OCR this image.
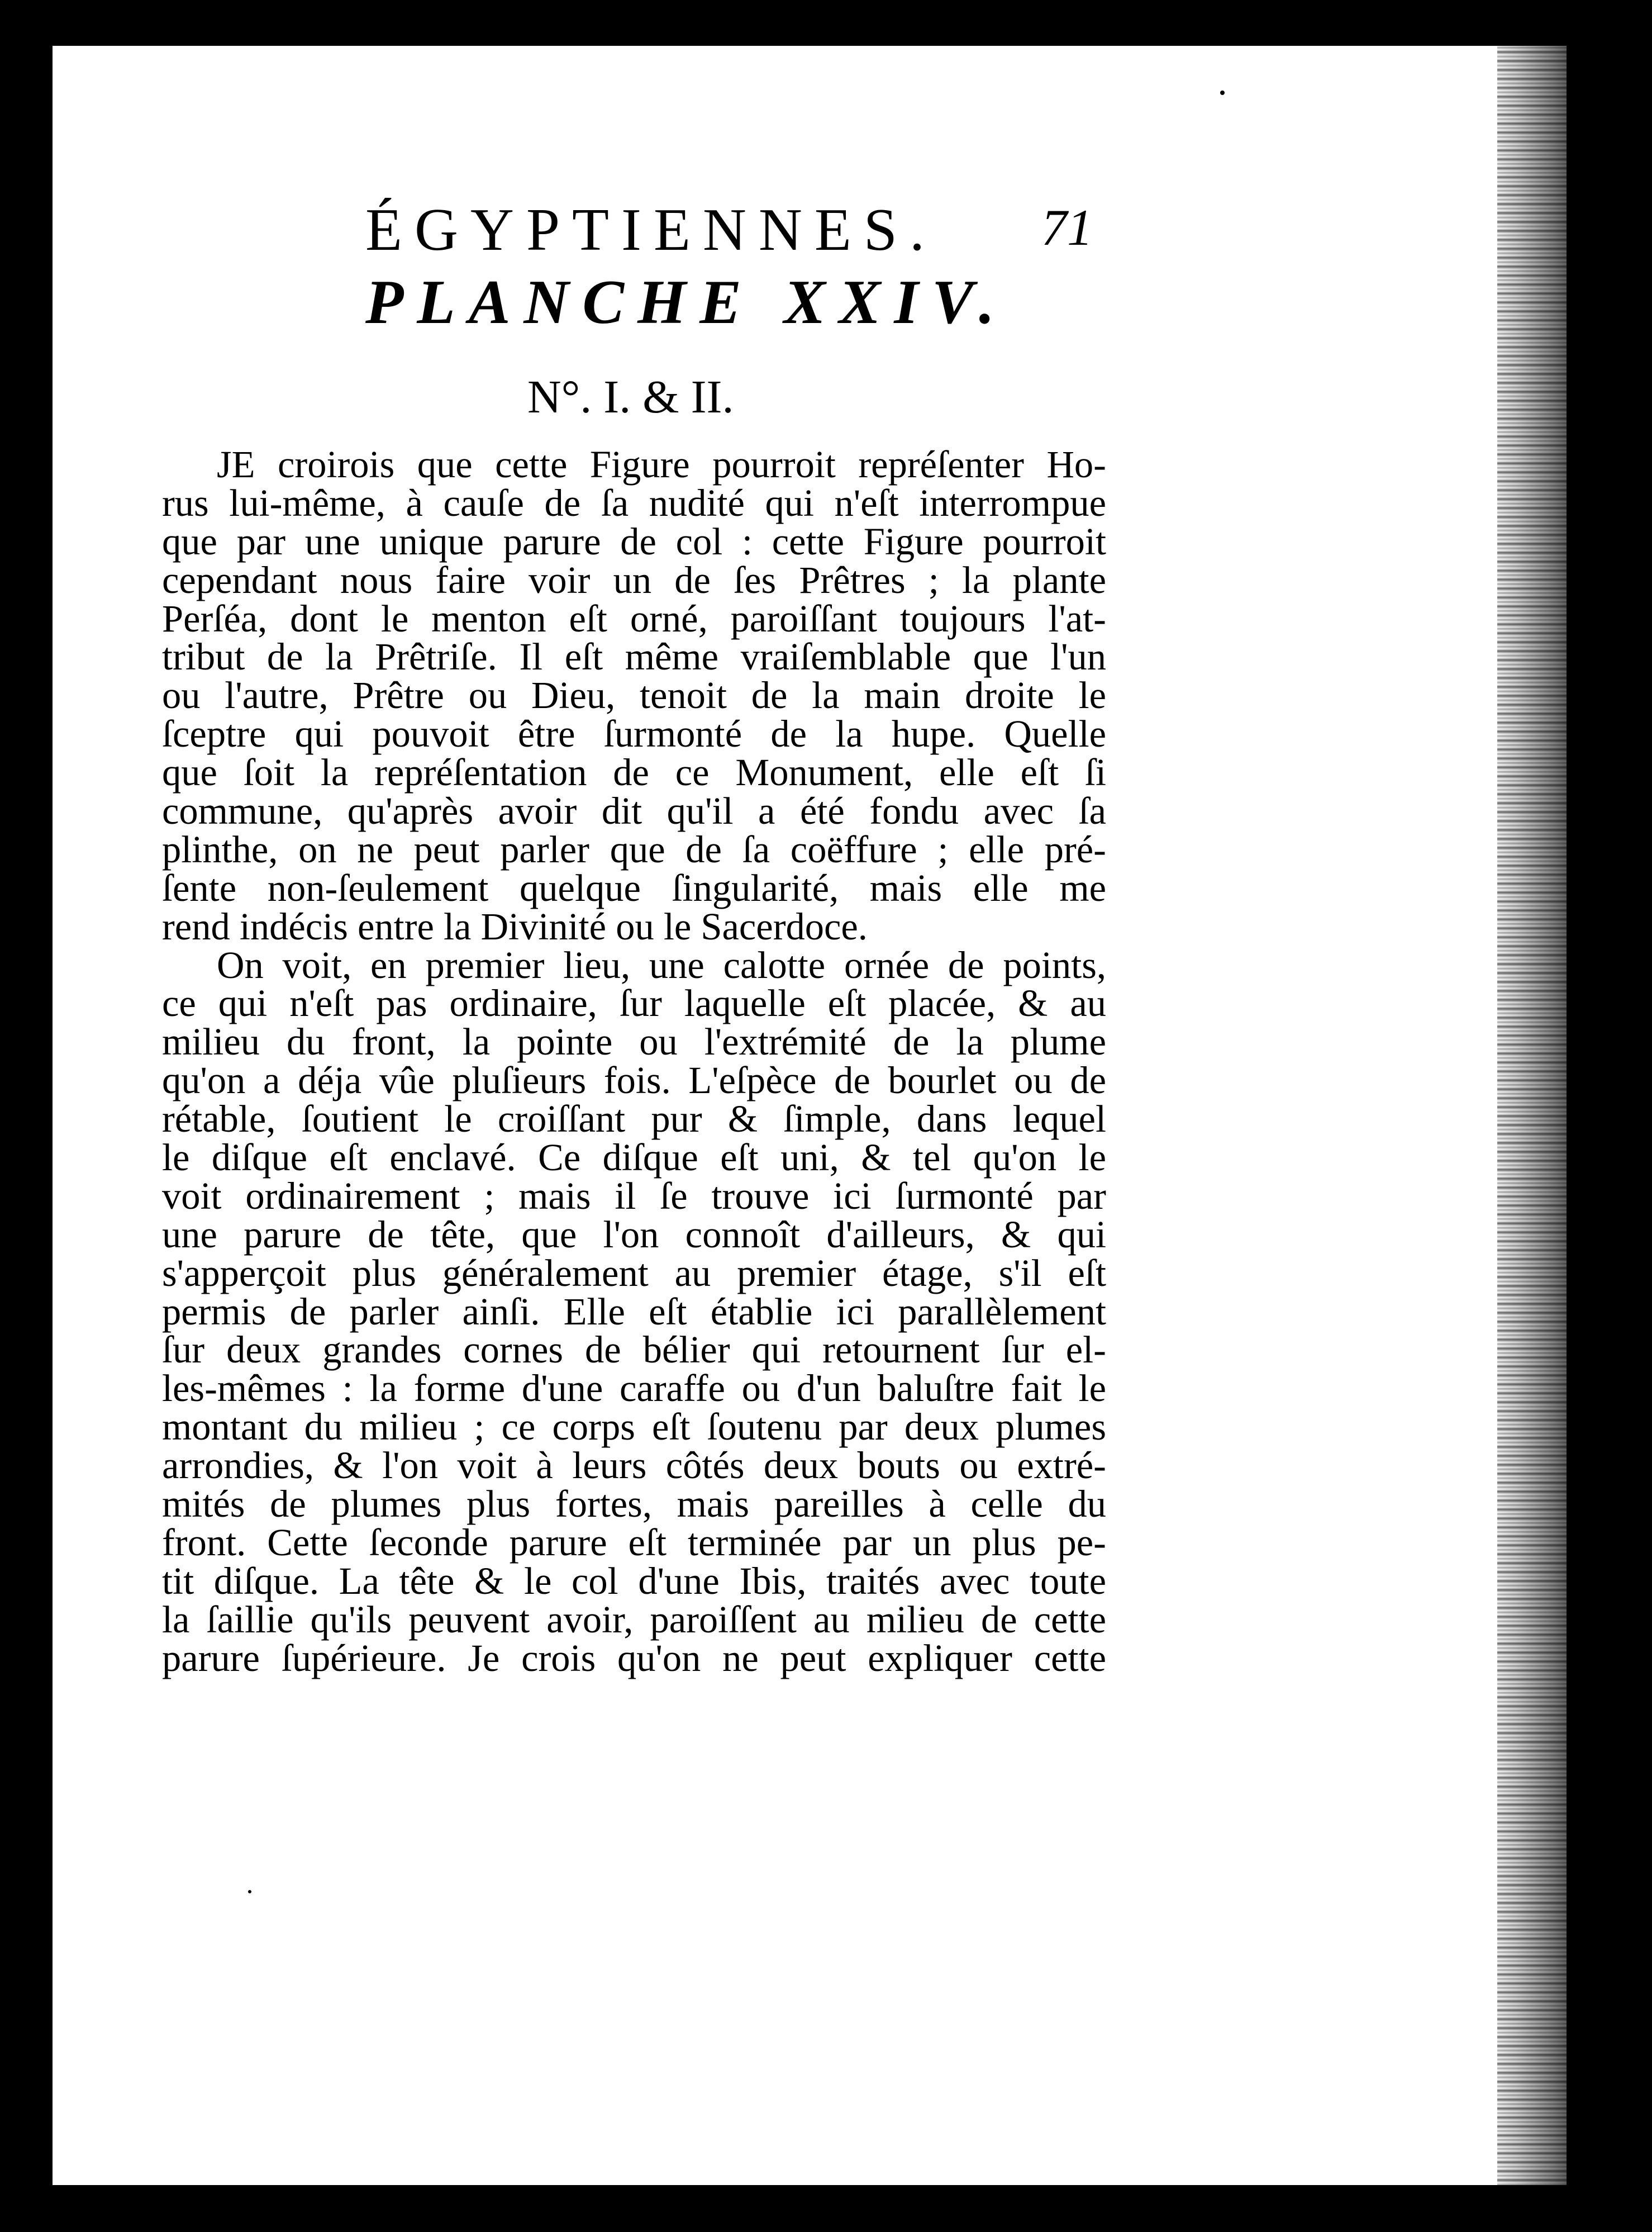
ÉGYPTIENNES.	71
PLANCHE XXIV.
N°. I. & II.
JE croirois que cette Figure pourroit repréſenter Ho-
rus lui-même, à cauſe de ſa nudité qui n'eſt interrompue
que par une unique parure de col : cette Figure pourroit
cependant nous faire voir un de ſes Prêtres ; la plante
Perſéa, dont le menton eſt orné, paroiſſant toujours l'at-
tribut de la Prêtriſe. Il eſt même vraiſemblable que l'un
ou l'autre, Prêtre ou Dieu, tenoit de la main droite le
ſceptre qui pouvoit être ſurmonté de la hupe. Quelle
que ſoit la repréſentation de ce Monument, elle eſt ſi
commune, qu'après avoir dit qu'il a été fondu avec ſa
plinthe, on ne peut parler que de ſa coëffure ; elle pré-
ſente non-ſeulement quelque ſingularité, mais elle me
rend indécis entre la Divinité ou le Sacerdoce.
On voit, en premier lieu, une calotte ornée de points,
ce qui n'eſt pas ordinaire, ſur laquelle eſt placée, & au
milieu du front, la pointe ou l'extrémité de la plume
qu'on a déja vûe pluſieurs fois. L'eſpèce de bourlet ou de
rétable, ſoutient le croiſſant pur & ſimple, dans lequel
le diſque eſt enclavé. Ce diſque eſt uni, & tel qu'on le
voit ordinairement ; mais il ſe trouve ici ſurmonté par
une parure de tête, que l'on connoît d'ailleurs, & qui
s'apperçoit plus généralement au premier étage, s'il eſt
permis de parler ainſi. Elle eſt établie ici parallèlement
ſur deux grandes cornes de bélier qui retournent ſur el-
les-mêmes : la forme d'une caraffe ou d'un baluſtre fait le
montant du milieu ; ce corps eſt ſoutenu par deux plumes
arrondies, & l'on voit à leurs côtés deux bouts ou extré-
mités de plumes plus fortes, mais pareilles à celle du
front. Cette ſeconde parure eſt terminée par un plus pe-
tit diſque. La tête & le col d'une Ibis, traités avec toute
la ſaillie qu'ils peuvent avoir, paroiſſent au milieu de cette
parure ſupérieure. Je crois qu'on ne peut expliquer cette
